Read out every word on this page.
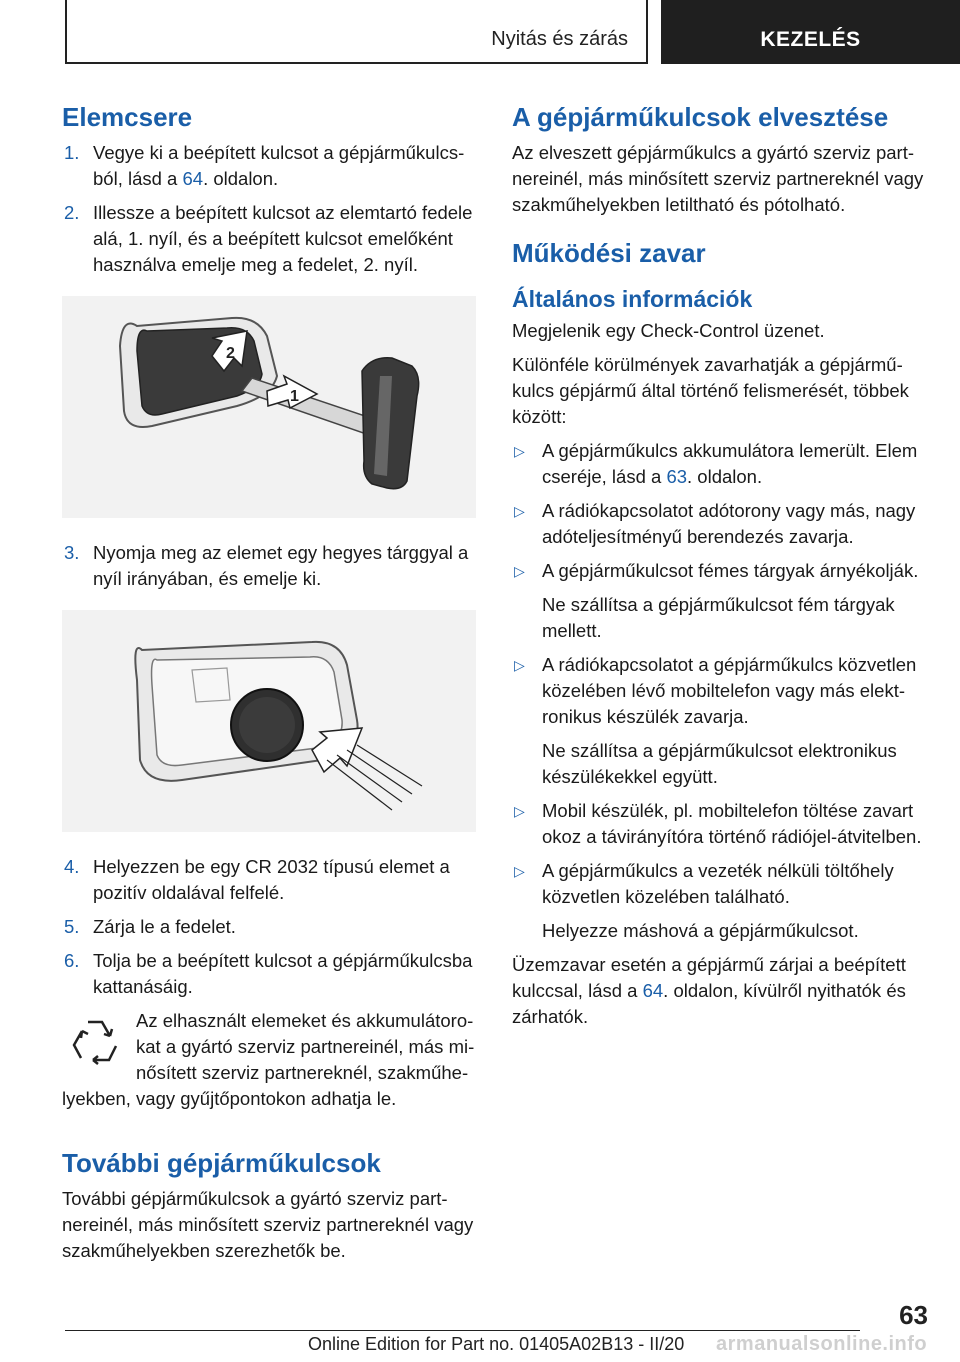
Nyitás és zárás	KEZELÉS
Elemcsere
1. Vegye ki a beépített kulcsot a gépjárműkulcsból, lásd a 64. oldalon.
2. Illessze a beépített kulcsot az elemtartó fedele alá, 1. nyíl, és a beépített kulcsot emelőként használva emelje meg a fedelet, 2. nyíl.
1
2
3. Nyomja meg az elemet egy hegyes tárggyal a nyíl irányában, és emelje ki.
4. Helyezzen be egy CR 2032 típusú elemet a pozitív oldalával felfelé.
5. Zárja le a fedelet.
6. Tolja be a beépített kulcsot a gépjárműkulcsba kattanásáig.
Az elhasznált elemeket és akkumulátorokat a gyártó szerviz partnereinél, más minősített szerviz partnereknél, szakműhelyekben, vagy gyűjtőpontokon adhatja le.
További gépjárműkulcsok

További gépjárműkulcsok a gyártó szerviz partnereinél, más minősített szerviz partnereknél vagy szakműhelyekben szerezhetők be.

A gépjárműkulcsok elvesztése

Az elveszett gépjárműkulcs a gyártó szerviz partnereinél, más minősített szerviz partnereknél vagy szakműhelyekben letiltható és pótolható.

Működési zavar
Általános információk

Megjelenik egy Check-Control üzenet.

Különféle körülmények zavarhatják a gépjárműkulcs gépjármű által történő felismerését, többek között:

▷ A gépjárműkulcs akkumulátora lemerült. Elem cseréje, lásd a 63. oldalon.
▷ A rádiókapcsolatot adótorony vagy más, nagy adóteljesítményű berendezés zavarja.
▷ A gépjárműkulcsot fémes tárgyak árnyékolják.
Ne szállítsa a gépjárműkulcsot fém tárgyak mellett.
▷ A rádiókapcsolatot a gépjárműkulcs közvetlen közelében lévő mobiltelefon vagy más elektronikus készülék zavarja.
Ne szállítsa a gépjárműkulcsot elektronikus készülékekkel együtt.
▷ Mobil készülék, pl. mobiltelefon töltése zavart okoz a távirányítóra történő rádiójel-átvitelben.
▷ A gépjárműkulcs a vezeték nélküli töltőhely közvetlen közelében található.
Helyezze máshová a gépjárműkulcsot.

Üzemzavar esetén a gépjármű zárjai a beépített kulccsal, lásd a 64. oldalon, kívülről nyithatók és zárhatók.

63
Online Edition for Part no. 01405A02B13 - II/20 armanualsonline.info
